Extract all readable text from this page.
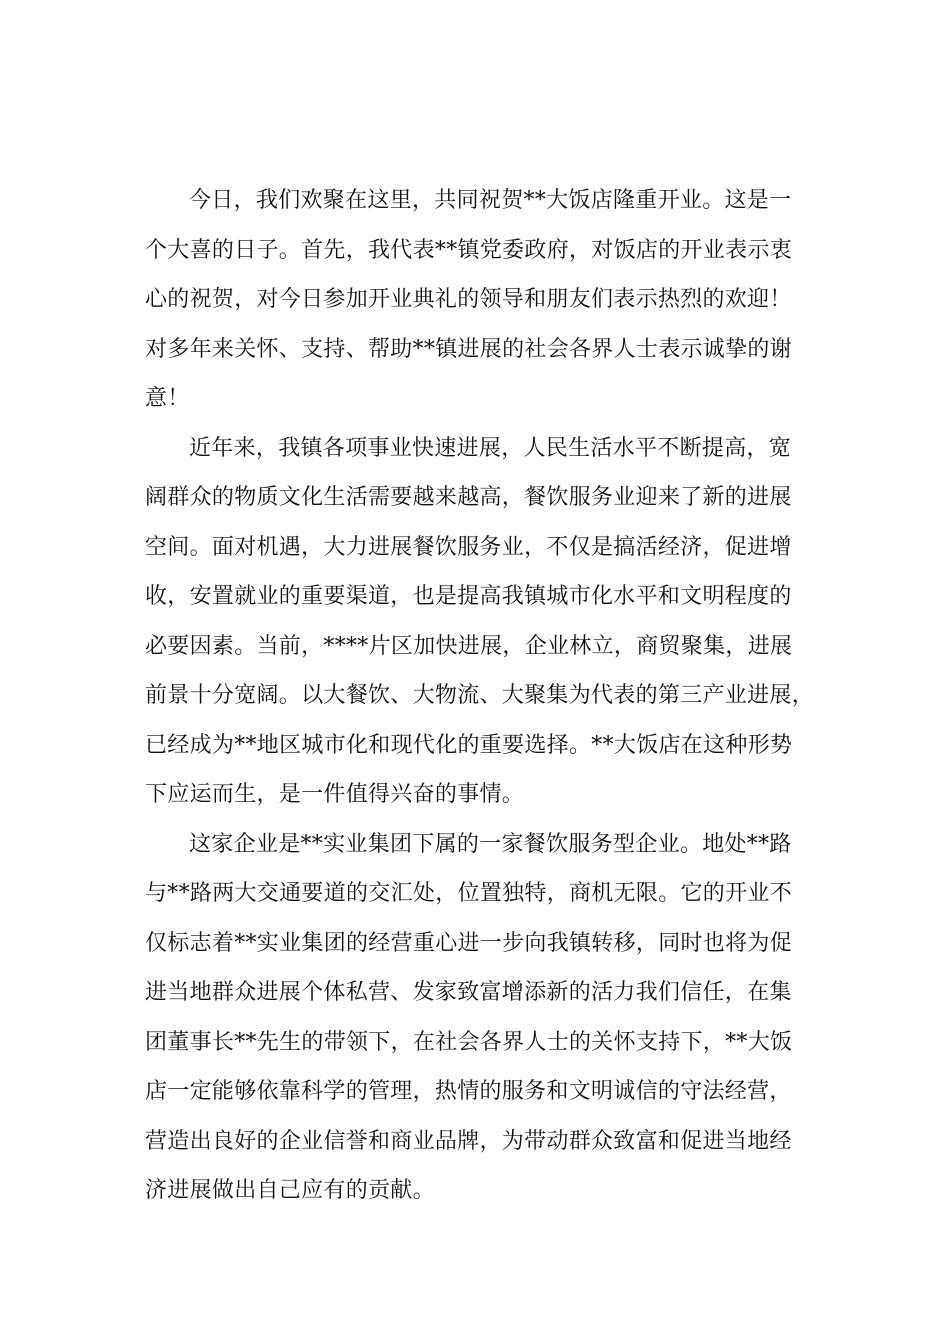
今日，我们欢聚在这里，共同祝贺**大饭店隆重开业。这是一
个大喜的日子。首先，我代表**镇党委政府，对饭店的开业表示衷
心的祝贺，对今日参加开业典礼的领导和朋友们表示热烈的欢迎！
对多年来关怀、支持、帮助**镇进展的社会各界人士表示诚挚的谢
意！
近年来，我镇各项事业快速进展，人民生活水平不断提高，宽
阔群众的物质文化生活需要越来越高，餐饮服务业迎来了新的进展
空间。面对机遇，大力进展餐饮服务业，不仅是搞活经济，促进增
收，安置就业的重要渠道，也是提高我镇城市化水平和文明程度的
必要因素。当前，****片区加快进展，企业林立，商贸聚集，进展
前景十分宽阔。以大餐饮、大物流、大聚集为代表的第三产业进展，
已经成为**地区城市化和现代化的重要选择。**大饭店在这种形势
下应运而生，是一件值得兴奋的事情。
这家企业是**实业集团下属的一家餐饮服务型企业。地处**路
与**路两大交通要道的交汇处，位置独特，商机无限。它的开业不
仅标志着**实业集团的经营重心进一步向我镇转移，同时也将为促
进当地群众进展个体私营、发家致富增添新的活力我们信任，在集
团董事长**先生的带领下，在社会各界人士的关怀支持下，**大饭
店一定能够依靠科学的管理，热情的服务和文明诚信的守法经营，
营造出良好的企业信誉和商业品牌，为带动群众致富和促进当地经
济进展做出自己应有的贡献。
